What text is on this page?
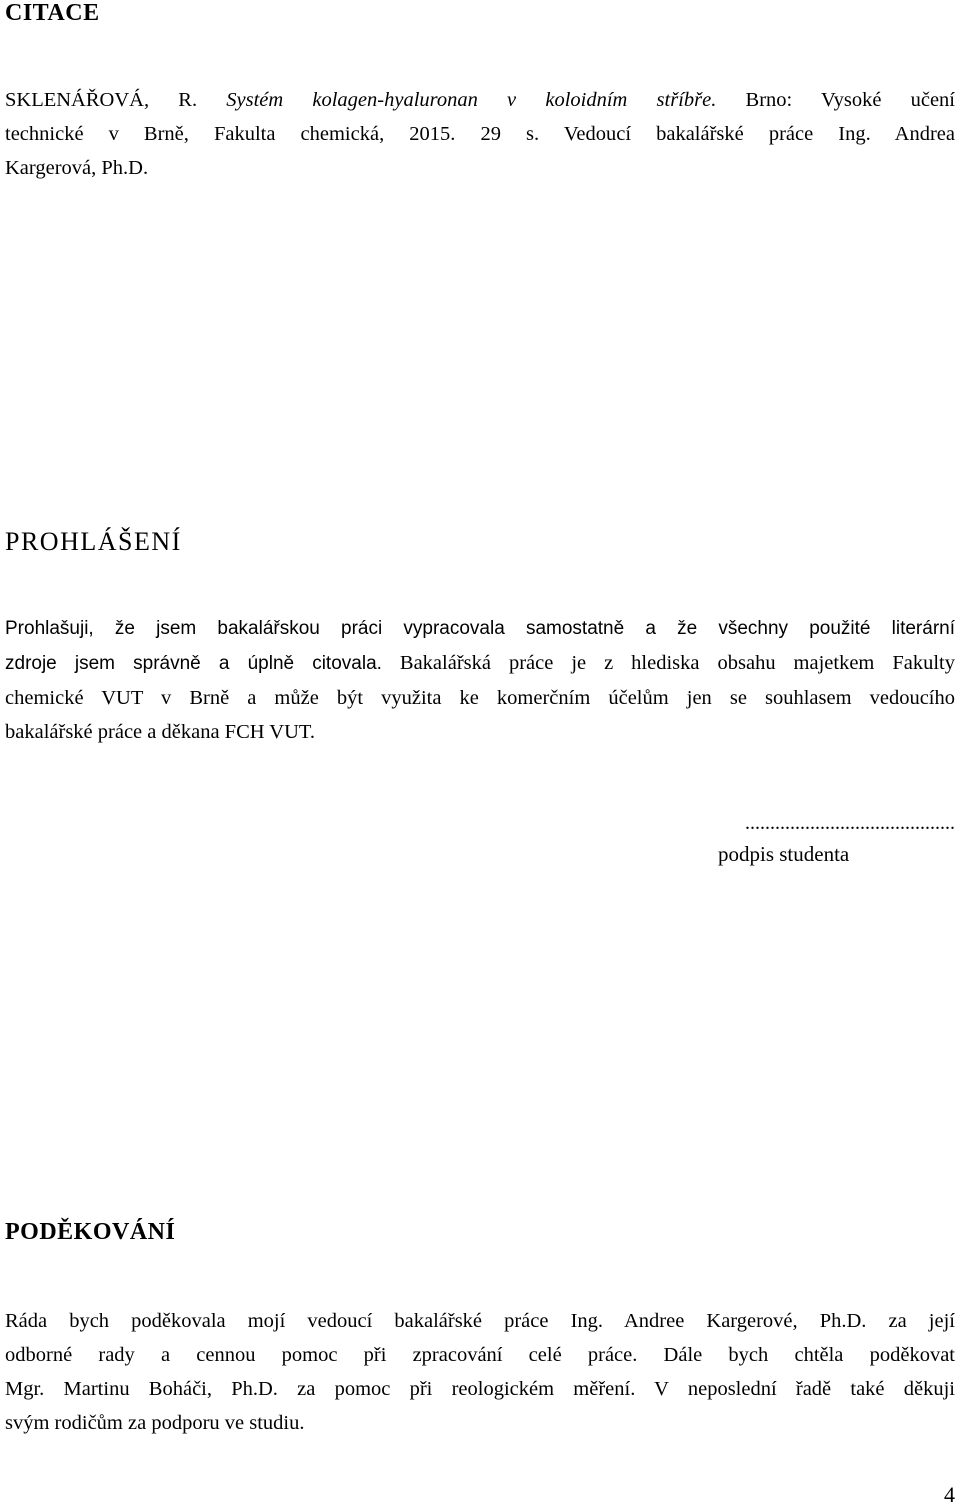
CITACE
SKLENÁŘOVÁ, R. Systém kolagen-hyaluronan v koloidním stříbře. Brno: Vysoké učení
technické v Brně, Fakulta chemická, 2015. 29 s. Vedoucí bakalářské práce Ing. Andrea
Kargerová, Ph.D.
PROHLÁŠENÍ
Prohlašuji, že jsem bakalářskou práci vypracovala samostatně a že všechny použité literární
zdroje jsem správně a úplně citovala. Bakalářská práce je z hlediska obsahu majetkem Fakulty
chemické VUT v Brně a může být využita ke komerčním účelům jen se souhlasem vedoucího
bakalářské práce a děkana FCH VUT.
..........................................
podpis studenta
PODĚKOVÁNÍ
Ráda bych poděkovala mojí vedoucí bakalářské práce Ing. Andree Kargerové, Ph.D. za její
odborné rady a cennou pomoc při zpracování celé práce. Dále bych chtěla poděkovat
Mgr. Martinu Boháči, Ph.D. za pomoc při reologickém měření. V neposlední řadě také děkuji
svým rodičům za podporu ve studiu.
4
